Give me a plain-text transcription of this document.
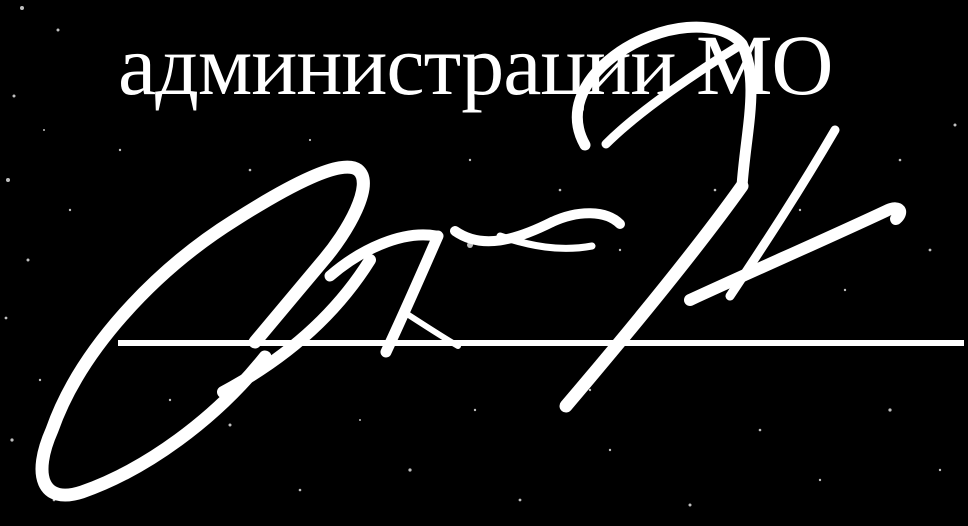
администрации МО
